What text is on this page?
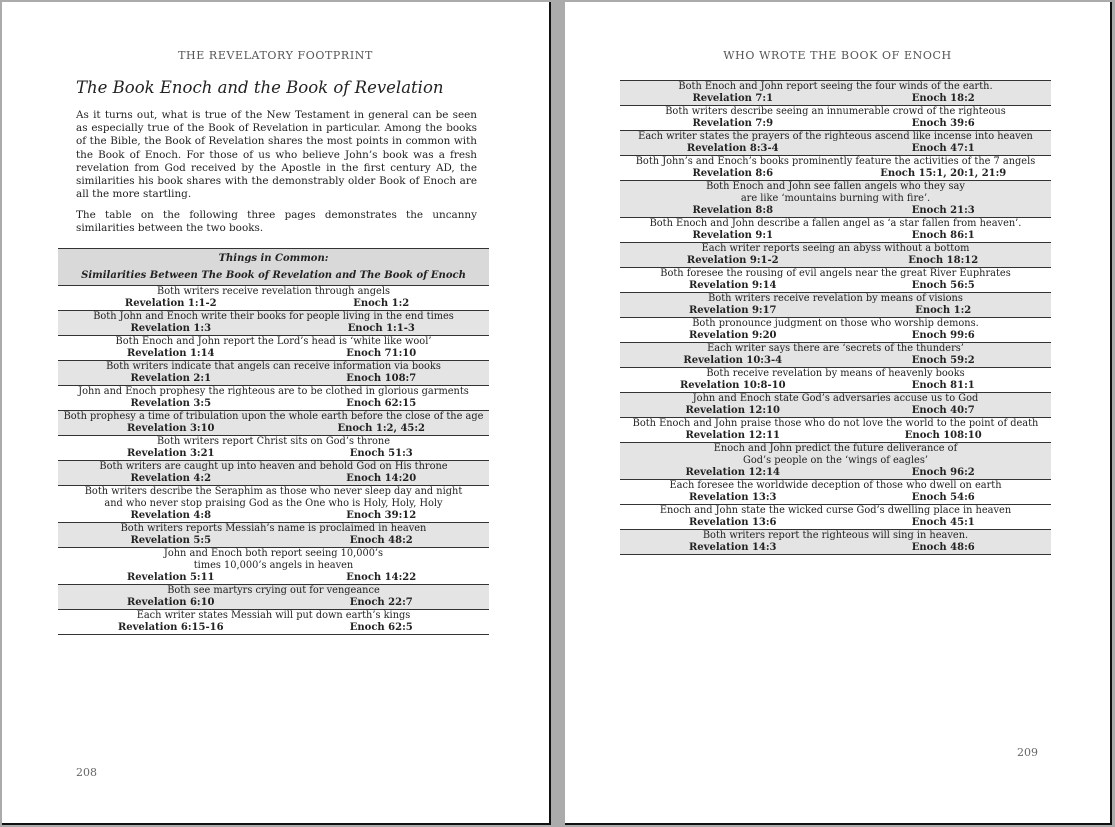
THE REVELATORY FOOTPRINT
The Book Enoch and the Book of Revelation

As it turns out, what is true of the New Testament in general can be seen as especially true of the Book of Revelation in particular. Among the books of the Bible, the Book of Revelation shares the most points in common with the Book of Enoch. For those of us who believe John’s book was a fresh revelation from God received by the Apostle in the first century AD, the similarities his book shares with the demonstrably older Book of Enoch are all the more startling.

The table on the following three pages demonstrates the uncanny similarities between the two books.

208
WHO WROTE THE BOOK OF ENOCH
209
Things in Common:	
Similarities Between The Book of Revelation and The Book of Enoch	
Both writers receive revelation through angels	
Revelation 1:1-2	Enoch 1:2
Both John and Enoch write their books for people living in the end times	
Revelation 1:3	Enoch 1:1-3
Both Enoch and John report the Lord’s head is ‘white like wool’	
Revelation 1:14	Enoch 71:10
Both writers indicate that angels can receive information via books	
Revelation 2:1	Enoch 108:7
John and Enoch prophesy the righteous are to be clothed in glorious garments	
Revelation 3:5	Enoch 62:15
Both prophesy a time of tribulation upon the whole earth before the close of the age	
Revelation 3:10	Enoch 1:2, 45:2
Both writers report Christ sits on God’s throne	
Revelation 3:21	Enoch 51:3
Both writers are caught up into heaven and behold God on His throne	
Revelation 4:2	Enoch 14:20
Both writers describe the Seraphim as those who never sleep day and night
and who never stop praising God as the One who is Holy, Holy, Holy	
Revelation 4:8	Enoch 39:12
Both writers reports Messiah’s name is proclaimed in heaven	
Revelation 5:5	Enoch 48:2
John and Enoch both report seeing 10,000’s
times 10,000’s angels in heaven	
Revelation 5:11	Enoch 14:22
Both see martyrs crying out for vengeance	
Revelation 6:10	Enoch 22:7
Each writer states Messiah will put down earth’s kings	
Revelation 6:15-16	Enoch 62:5
Both Enoch and John report seeing the four winds of the earth.	
Revelation 7:1	Enoch 18:2
Both writers describe seeing an innumerable crowd of the righteous	
Revelation 7:9	Enoch 39:6
Each writer states the prayers of the righteous ascend like incense into heaven	
Revelation 8:3-4	Enoch 47:1
Both John’s and Enoch’s books prominently feature the activities of the 7 angels	
Revelation 8:6	Enoch 15:1, 20:1, 21:9
Both Enoch and John see fallen angels who they say
are like ‘mountains burning with fire’.	
Revelation 8:8	Enoch 21:3
Both Enoch and John describe a fallen angel as ‘a star fallen from heaven’.	
Revelation 9:1	Enoch 86:1
Each writer reports seeing an abyss without a bottom	
Revelation 9:1-2	Enoch 18:12
Both foresee the rousing of evil angels near the great River Euphrates	
Revelation 9:14	Enoch 56:5
Both writers receive revelation by means of visions	
Revelation 9:17	Enoch 1:2
Both pronounce judgment on those who worship demons.	
Revelation 9:20	Enoch 99:6
Each writer says there are ‘secrets of the thunders’	
Revelation 10:3-4	Enoch 59:2
Both receive revelation by means of heavenly books	
Revelation 10:8-10	Enoch 81:1
John and Enoch state God’s adversaries accuse us to God	
Revelation 12:10	Enoch 40:7
Both Enoch and John praise those who do not love the world to the point of death	
Revelation 12:11	Enoch 108:10
Enoch and John predict the future deliverance of
God’s people on the ‘wings of eagles’	
Revelation 12:14	Enoch 96:2
Each foresee the worldwide deception of those who dwell on earth	
Revelation 13:3	Enoch 54:6
Enoch and John state the wicked curse God’s dwelling place in heaven	
Revelation 13:6	Enoch 45:1
Both writers report the righteous will sing in heaven.	
Revelation 14:3	Enoch 48:6
